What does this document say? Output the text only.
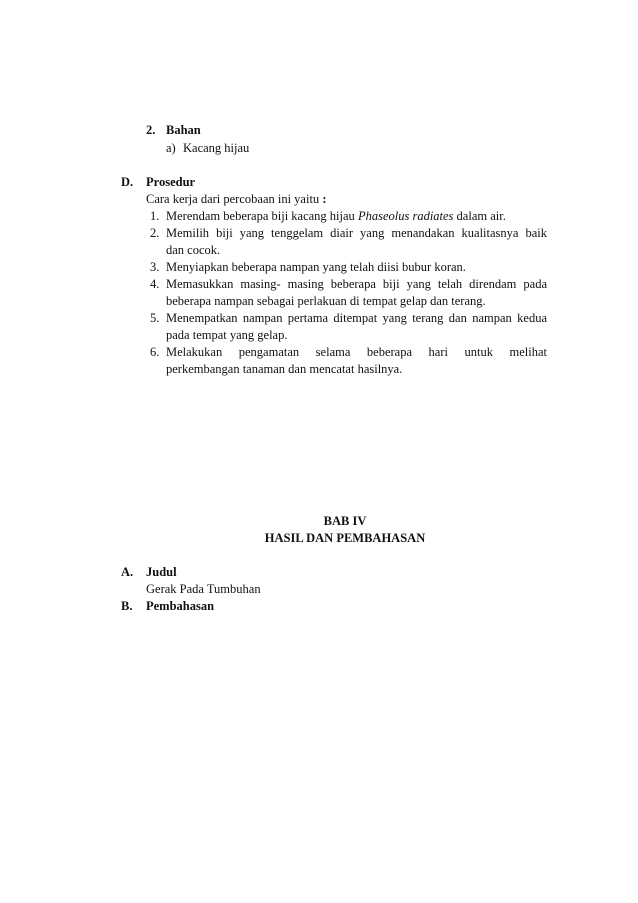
2. Bahan
a) Kacang hijau
D. Prosedur
Cara kerja dari percobaan ini yaitu :
1. Merendam beberapa biji kacang hijau Phaseolus radiates dalam air.
2. Memilih biji yang tenggelam diair yang menandakan kualitasnya baik
dan cocok.
3. Menyiapkan beberapa nampan yang telah diisi bubur koran.
4. Memasukkan masing- masing beberapa biji yang telah direndam pada
beberapa nampan sebagai perlakuan di tempat gelap dan terang.
5. Menempatkan nampan pertama ditempat yang terang dan nampan kedua
pada tempat yang gelap.
6. Melakukan pengamatan selama beberapa hari untuk melihat
perkembangan tanaman dan mencatat hasilnya.
BAB IV
HASIL DAN PEMBAHASAN
A. Judul
Gerak Pada Tumbuhan
B. Pembahasan
